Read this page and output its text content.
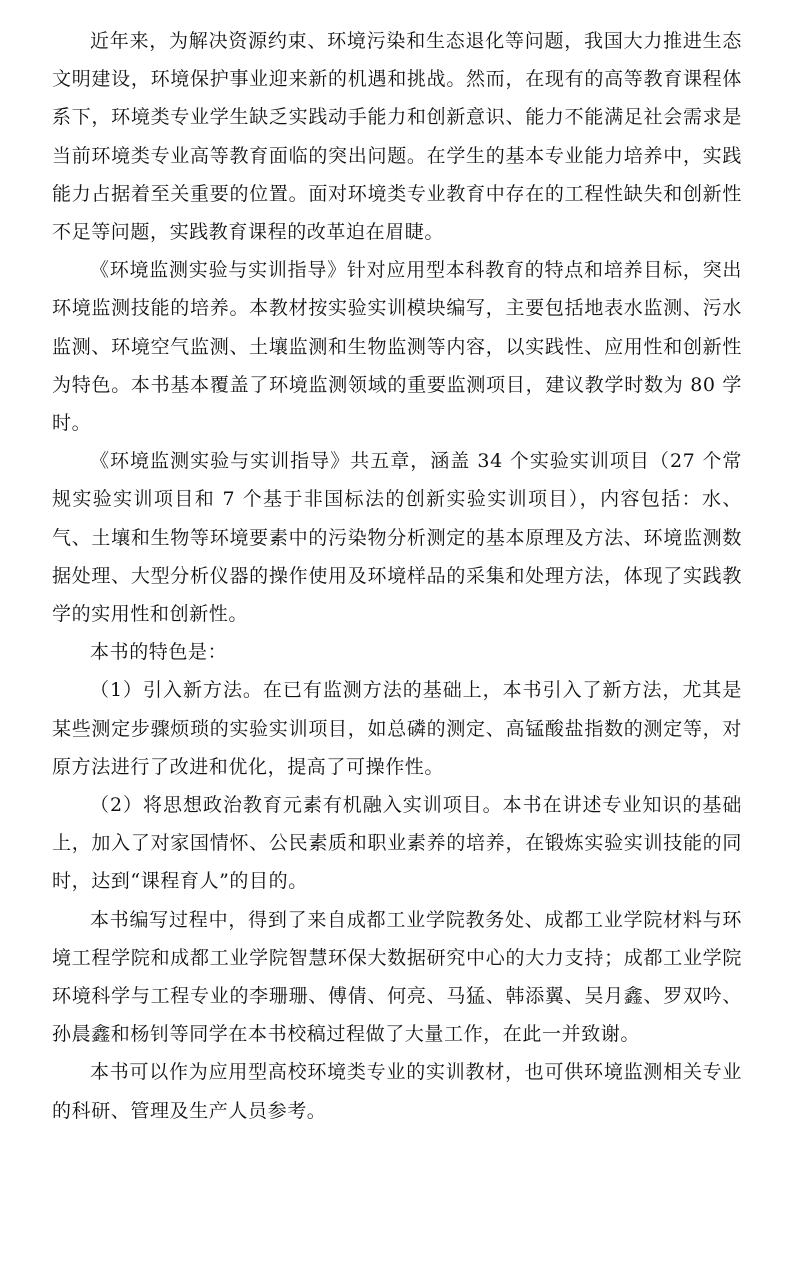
近年来，为解决资源约束、环境污染和生态退化等问题，我国大力推进生态文明建设，环境保护事业迎来新的机遇和挑战。然而，在现有的高等教育课程体系下，环境类专业学生缺乏实践动手能力和创新意识、能力不能满足社会需求是当前环境类专业高等教育面临的突出问题。在学生的基本专业能力培养中，实践能力占据着至关重要的位置。面对环境类专业教育中存在的工程性缺失和创新性不足等问题，实践教育课程的改革迫在眉睫。

《环境监测实验与实训指导》针对应用型本科教育的特点和培养目标，突出环境监测技能的培养。本教材按实验实训模块编写，主要包括地表水监测、污水监测、环境空气监测、土壤监测和生物监测等内容，以实践性、应用性和创新性为特色。本书基本覆盖了环境监测领域的重要监测项目，建议教学时数为 80 学时。

《环境监测实验与实训指导》共五章，涵盖 34 个实验实训项目（27 个常规实验实训项目和 7 个基于非国标法的创新实验实训项目），内容包括：水、气、土壤和生物等环境要素中的污染物分析测定的基本原理及方法、环境监测数据处理、大型分析仪器的操作使用及环境样品的采集和处理方法，体现了实践教学的实用性和创新性。

本书的特色是：

（1）引入新方法。在已有监测方法的基础上，本书引入了新方法，尤其是某些测定步骤烦琐的实验实训项目，如总磷的测定、高锰酸盐指数的测定等，对原方法进行了改进和优化，提高了可操作性。

（2）将思想政治教育元素有机融入实训项目。本书在讲述专业知识的基础上，加入了对家国情怀、公民素质和职业素养的培养，在锻炼实验实训技能的同时，达到“课程育人”的目的。

本书编写过程中，得到了来自成都工业学院教务处、成都工业学院材料与环境工程学院和成都工业学院智慧环保大数据研究中心的大力支持；成都工业学院环境科学与工程专业的李珊珊、傅倩、何亮、马猛、韩添翼、吴月鑫、罗双吟、孙晨鑫和杨钊等同学在本书校稿过程做了大量工作，在此一并致谢。

本书可以作为应用型高校环境类专业的实训教材，也可供环境监测相关专业的科研、管理及生产人员参考。
